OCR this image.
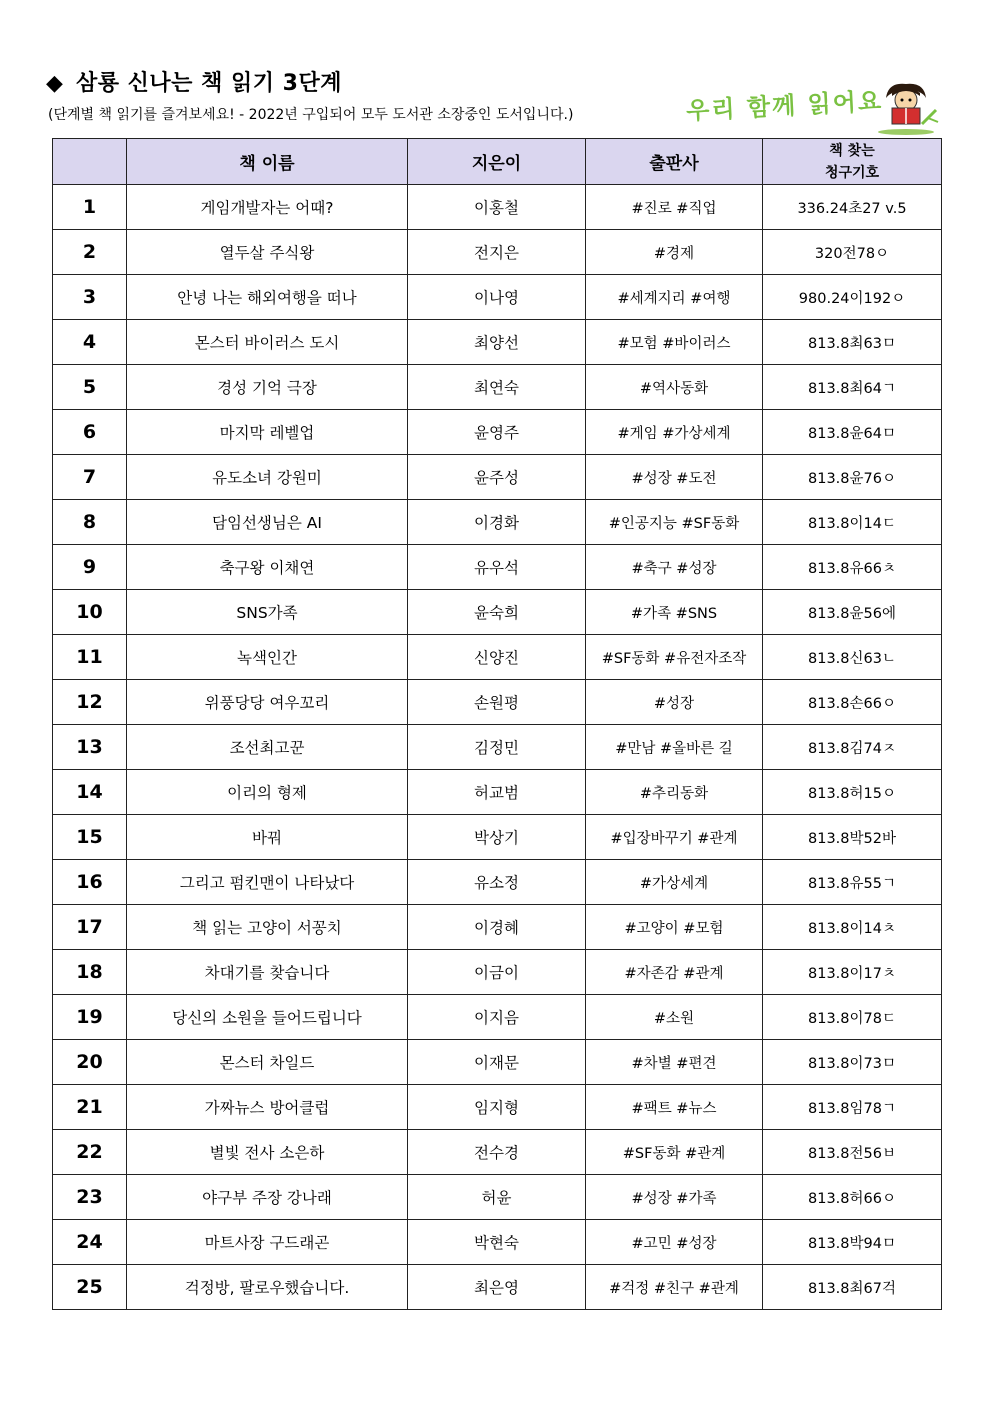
◆ 삼룡 신나는 책 읽기 3단계
(단계별 책 읽기를 즐겨보세요! - 2022년 구입되어 모두 도서관 소장중인 도서입니다.)	우리 함께 읽어요
	책 이름	지은이	출판사	책 찾는
청구기호

1	게임개발자는 어때?	이홍철	#진로 #직업	336.24초27 v.5
2	열두살 주식왕	전지은	#경제	320전78ㅇ
3	안녕 나는 해외여행을 떠나	이나영	#세계지리 #여행	980.24이192ㅇ
4	몬스터 바이러스 도시	최양선	#모험 #바이러스	813.8최63ㅁ
5	경성 기억 극장	최연숙	#역사동화	813.8최64ㄱ
6	마지막 레벨업	윤영주	#게임 #가상세계	813.8윤64ㅁ
7	유도소녀 강원미	윤주성	#성장 #도전	813.8윤76ㅇ
8	담임선생님은 AI	이경화	#인공지능 #SF동화	813.8이14ㄷ
9	축구왕 이채연	유우석	#축구 #성장	813.8유66ㅊ
10	SNS가족	윤숙희	#가족 #SNS	813.8윤56에
11	녹색인간	신양진	#SF동화 #유전자조작	813.8신63ㄴ
12	위풍당당 여우꼬리	손원평	#성장	813.8손66ㅇ
13	조선최고꾼	김정민	#만남 #올바른 길	813.8김74ㅈ
14	이리의 형제	허교범	#추리동화	813.8허15ㅇ
15	바꿔	박상기	#입장바꾸기 #관계	813.8박52바
16	그리고 펌킨맨이 나타났다	유소정	#가상세계	813.8유55ㄱ
17	책 읽는 고양이 서꽁치	이경혜	#고양이 #모험	813.8이14ㅊ
18	차대기를 찾습니다	이금이	#자존감 #관계	813.8이17ㅊ
19	당신의 소원을 들어드립니다	이지음	#소원	813.8이78ㄷ
20	몬스터 차일드	이재문	#차별 #편견	813.8이73ㅁ
21	가짜뉴스 방어클럽	임지형	#팩트 #뉴스	813.8임78ㄱ
22	별빛 전사 소은하	전수경	#SF동화 #관계	813.8전56ㅂ
23	야구부 주장 강나래	허윤	#성장 #가족	813.8허66ㅇ
24	마트사장 구드래곤	박현숙	#고민 #성장	813.8박94ㅁ
25	걱정방, 팔로우했습니다.	최은영	#걱정 #친구 #관계	813.8최67걱
